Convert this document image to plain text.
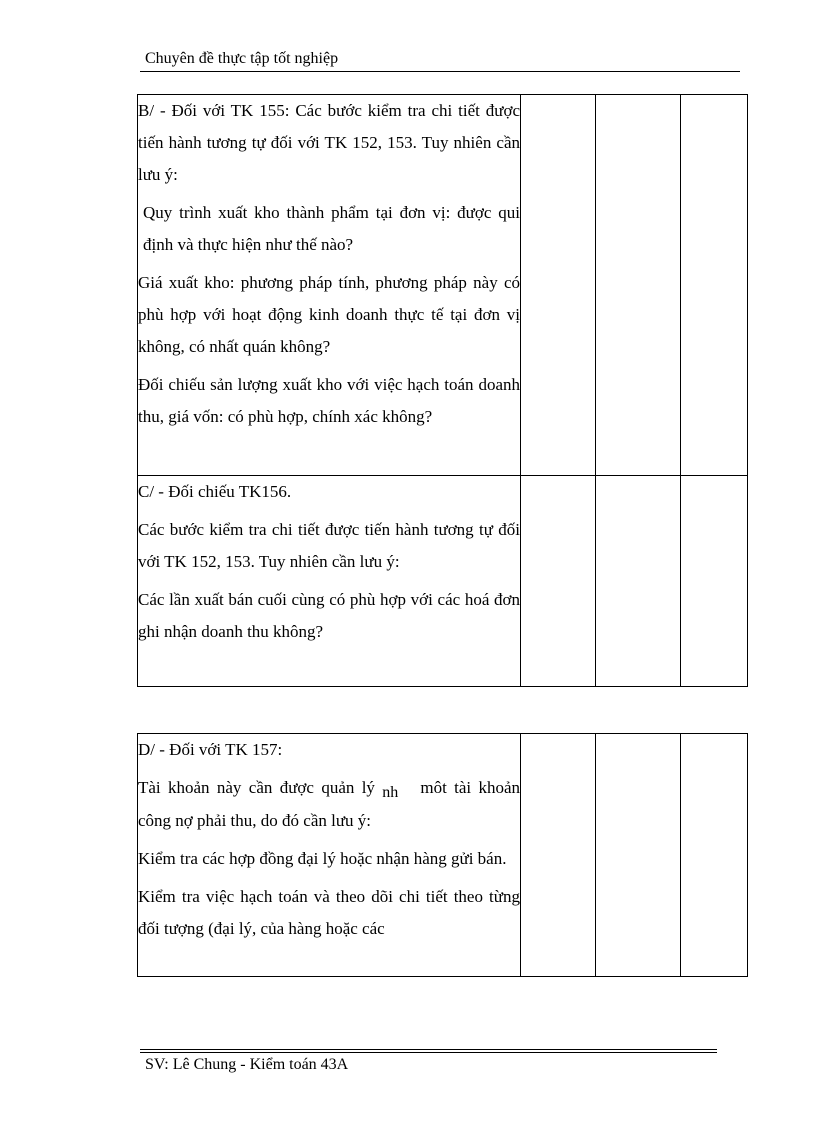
Chuyên đề thực tập tốt nghiệp

B/ - Đối với TK 155: Các bước kiểm tra chi tiết được tiến hành tương tự đối với TK 152, 153. Tuy nhiên cần lưu ý:

Quy trình xuất kho thành phẩm tại đơn vị: được qui định và thực hiện như thế nào?

Giá xuất kho: phương pháp tính, phương pháp này có phù hợp với hoạt động kinh doanh thực tế tại đơn vị không, có nhất quán không?

Đối chiếu sản lượng xuất kho với việc hạch toán doanh thu, giá vốn: có phù hợp, chính xác không?			

C/ - Đối chiếu TK156.

Các bước kiểm tra chi tiết được tiến hành tương tự đối với TK 152, 153. Tuy nhiên cần lưu ý:

Các lần xuất bán cuối cùng có phù hợp với các hoá đơn ghi nhận doanh thu không?			

D/ - Đối với TK 157:

Tài khoản này cần được quản lý nh môt tài khoản công nợ phải thu, do đó cần lưu ý:

Kiểm tra các hợp đồng đại lý hoặc nhận hàng gửi bán.

Kiểm tra việc hạch toán và theo dõi chi tiết theo từng đối tượng (đại lý, của hàng hoặc các

SV: Lê Chung - Kiểm toán 43A
